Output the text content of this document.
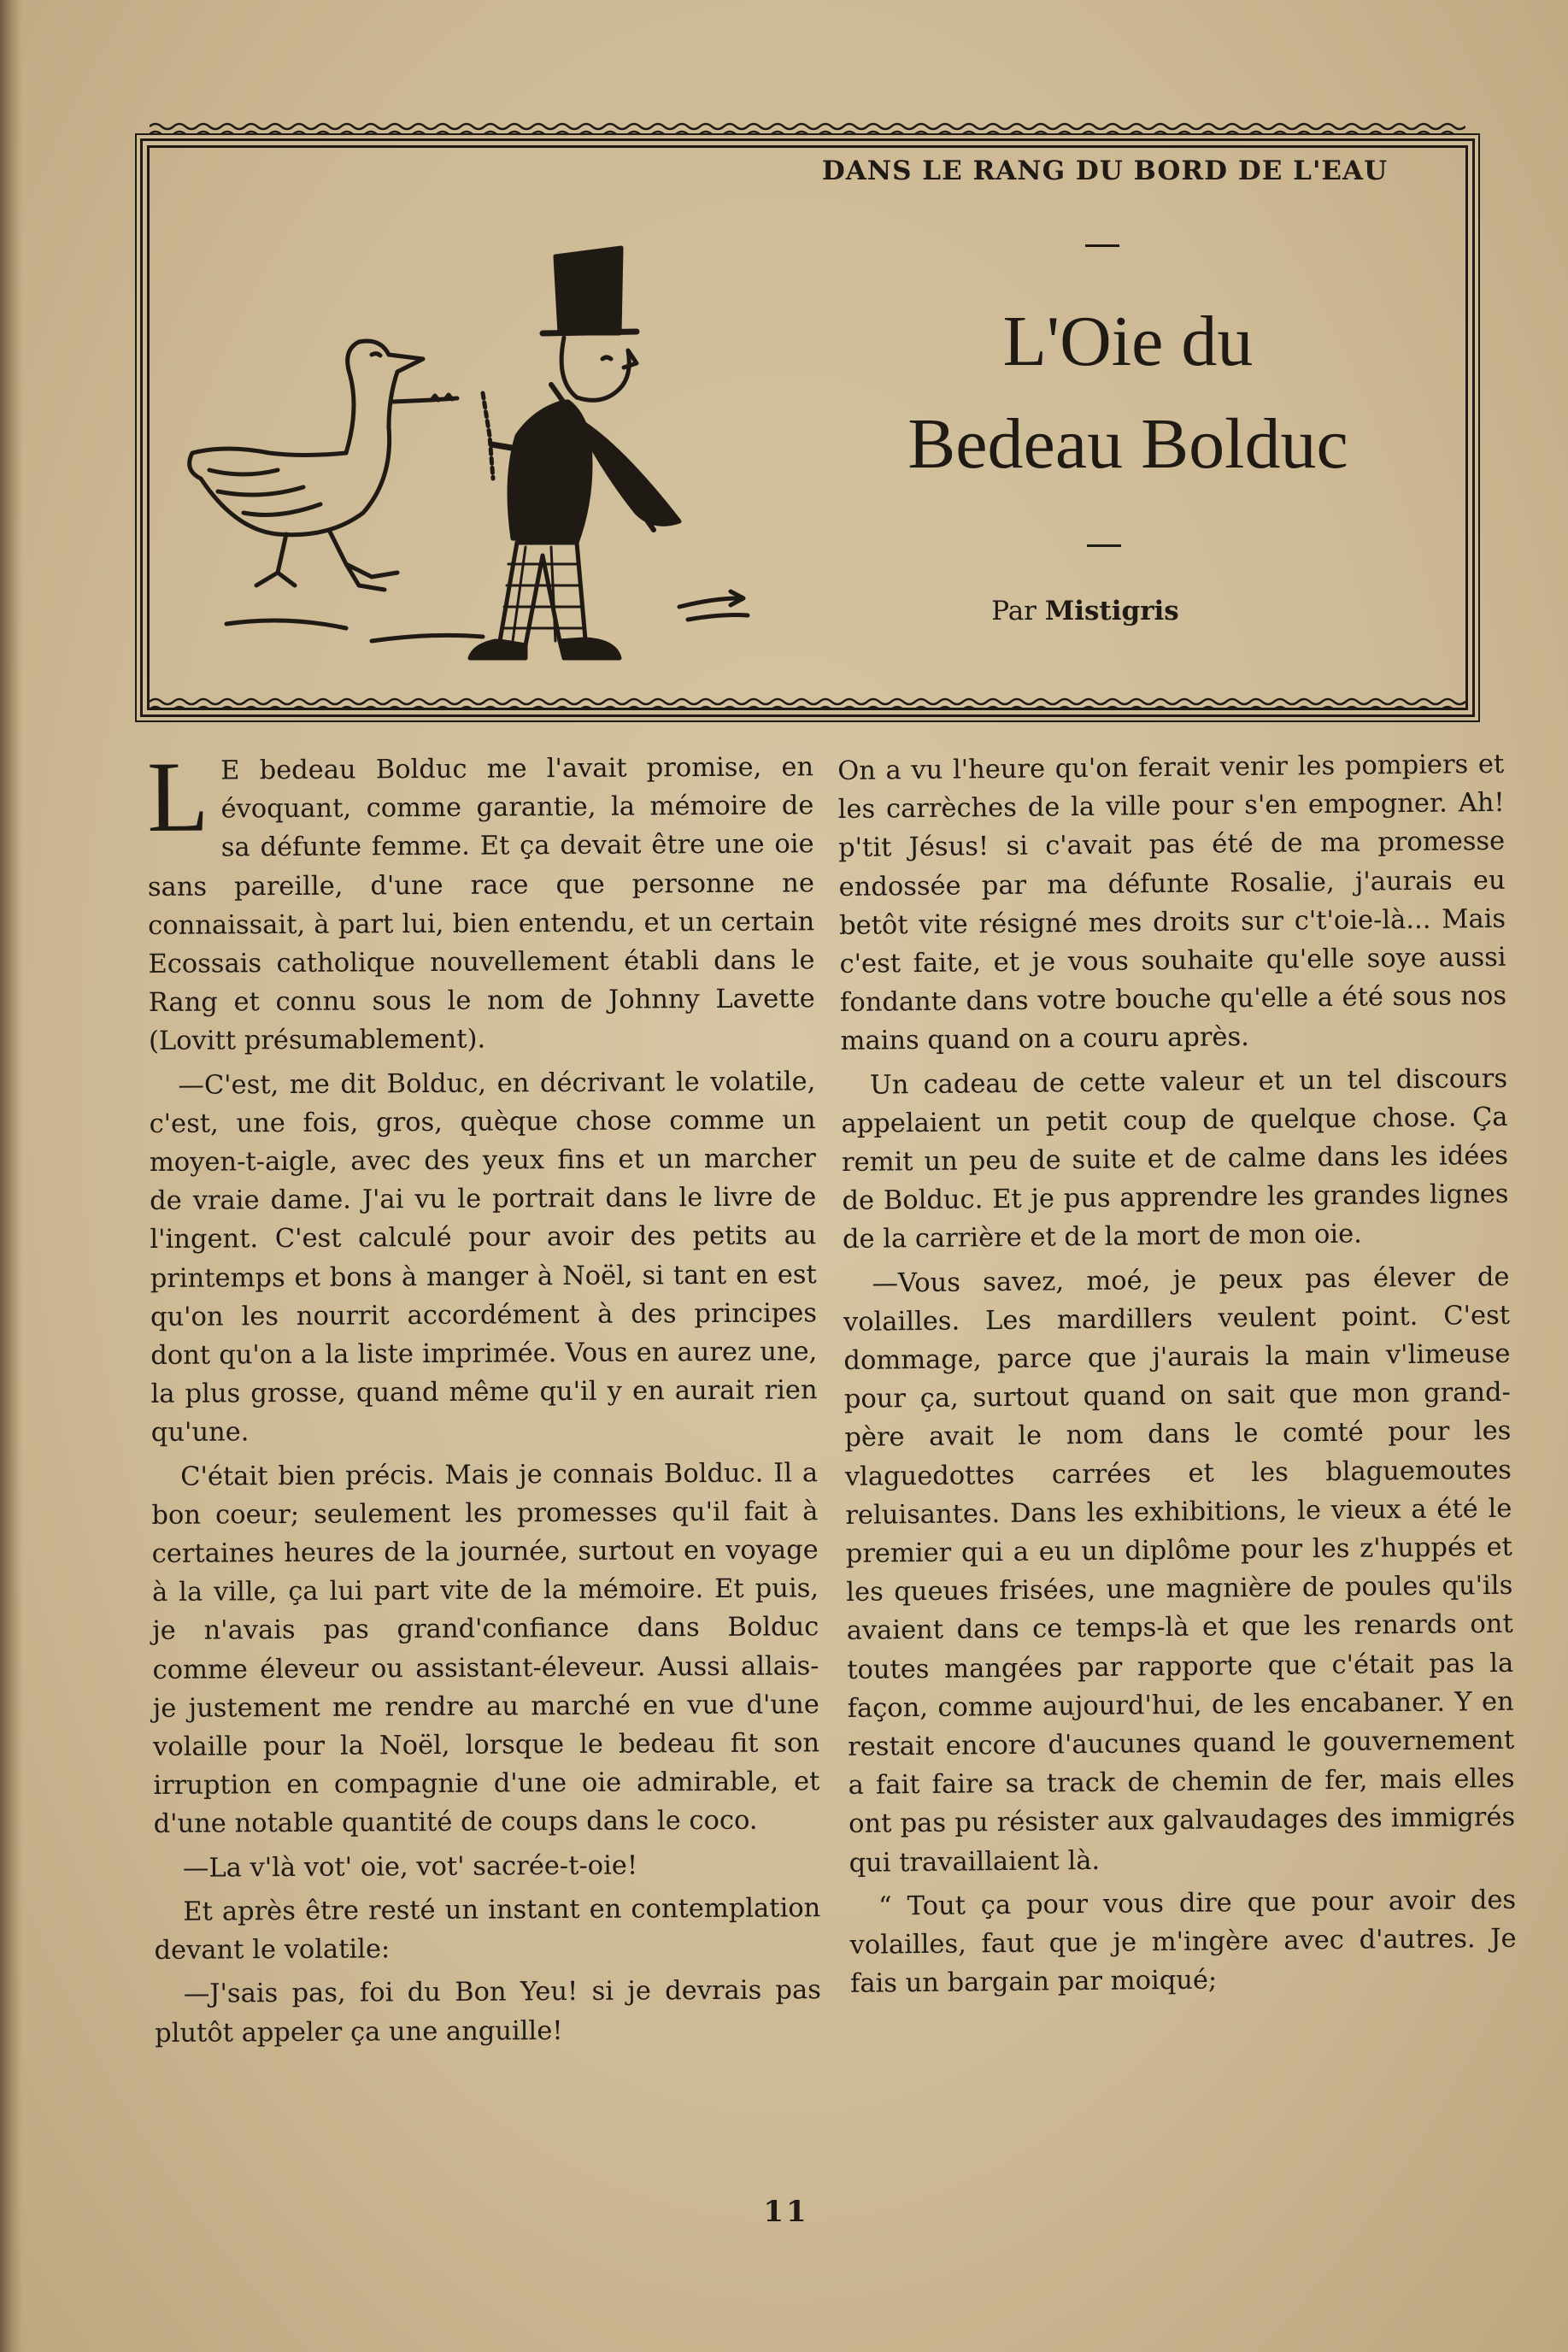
DANS LE RANG DU BORD DE L'EAU
L'Oie du
Bedeau Bolduc
Par Mistigris

L E bedeau Bolduc me l'avait promise, en évoquant, comme garantie, la mémoire de sa défunte femme. Et ça devait être une oie sans pareille, d'une race que personne ne connaissait, à part lui, bien entendu, et un certain Ecossais catholique nouvellement établi dans le Rang et connu sous le nom de Johnny Lavette (Lovitt présumablement).

—C'est, me dit Bolduc, en décrivant le volatile, c'est, une fois, gros, quèque chose comme un moyen-t-aigle, avec des yeux fins et un marcher de vraie dame. J'ai vu le portrait dans le livre de l'ingent. C'est calculé pour avoir des petits au printemps et bons à manger à Noël, si tant en est qu'on les nourrit accordément à des principes dont qu'on a la liste imprimée. Vous en aurez une, la plus grosse, quand même qu'il y en aurait rien qu'une.

C'était bien précis. Mais je connais Bolduc. Il a bon coeur; seulement les promesses qu'il fait à certaines heures de la journée, surtout en voyage à la ville, ça lui part vite de la mémoire. Et puis, je n'avais pas grand'confiance dans Bolduc comme éleveur ou assistant-éleveur. Aussi allais-je justement me rendre au marché en vue d'une volaille pour la Noël, lorsque le bedeau fit son irruption en compagnie d'une oie admirable, et d'une notable quantité de coups dans le coco.

—La v'là vot' oie, vot' sacrée-t-oie!

Et après être resté un instant en contemplation devant le volatile:

—J'sais pas, foi du Bon Yeu! si je devrais pas plutôt appeler ça une anguille!

On a vu l'heure qu'on ferait venir les pompiers et les carrèches de la ville pour s'en empogner. Ah! p'tit Jésus! si c'avait pas été de ma promesse endossée par ma défunte Rosalie, j'aurais eu betôt vite résigné mes droits sur c't'oie-là... Mais c'est faite, et je vous souhaite qu'elle soye aussi fondante dans votre bouche qu'elle a été sous nos mains quand on a couru après.

Un cadeau de cette valeur et un tel discours appelaient un petit coup de quelque chose. Ça remit un peu de suite et de calme dans les idées de Bolduc. Et je pus apprendre les grandes lignes de la carrière et de la mort de mon oie.

—Vous savez, moé, je peux pas élever de volailles. Les mardillers veulent point. C'est dommage, parce que j'aurais la main v'limeuse pour ça, surtout quand on sait que mon grand-père avait le nom dans le comté pour les vlaguedottes carrées et les blaguemoutes reluisantes. Dans les exhibitions, le vieux a été le premier qui a eu un diplôme pour les z'huppés et les queues frisées, une magnière de poules qu'ils avaient dans ce temps-là et que les renards ont toutes mangées par rapporte que c'était pas la façon, comme aujourd'hui, de les encabaner. Y en restait encore d'aucunes quand le gouvernement a fait faire sa track de chemin de fer, mais elles ont pas pu résister aux galvaudages des immigrés qui travaillaient là.

“ Tout ça pour vous dire que pour avoir des volailles, faut que je m'ingère avec d'autres. Je fais un bargain par moiqué;

11
